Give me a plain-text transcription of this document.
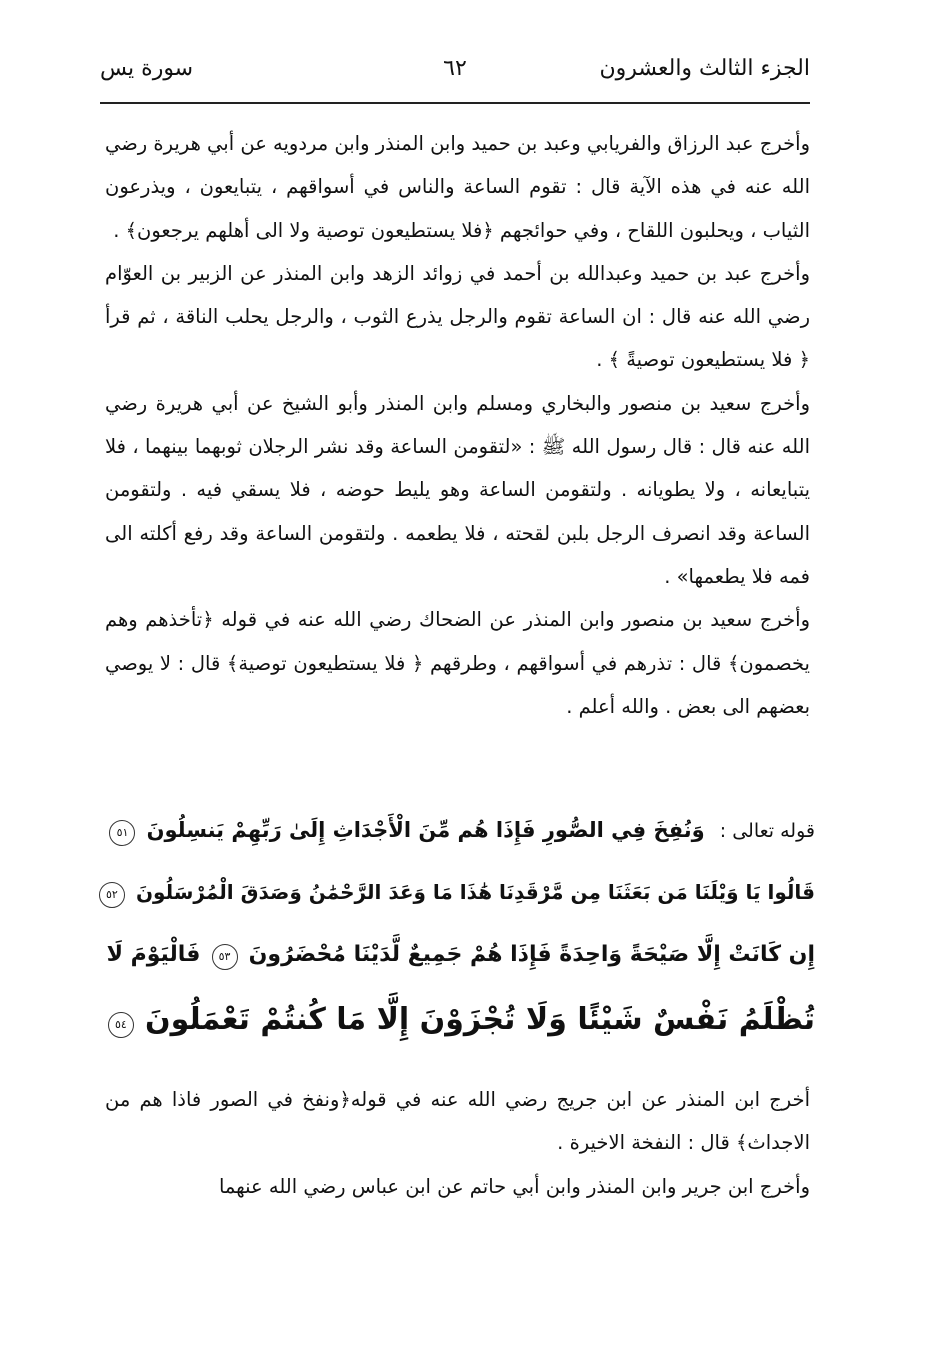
الجزء الثالث والعشرون
٦٢
سورة يس

وأخرج عبد الرزاق والفريابي وعبد بن حميد وابن المنذر وابن مردويه عن أبي هريرة رضي الله عنه في هذه الآية قال : تقوم الساعة والناس في أسواقهم ، يتبايعون ، ويذرعون الثياب ، ويحلبون اللقاح ، وفي حوائجهم ﴿فلا يستطيعون توصية ولا الى أهلهم يرجعون﴾ .

وأخرج عبد بن حميد وعبدالله بن أحمد في زوائد الزهد وابن المنذر عن الزبير بن العوّام رضي الله عنه قال : ان الساعة تقوم والرجل يذرع الثوب ، والرجل يحلب الناقة ، ثم قرأ ﴿ فلا يستطيعون توصيةً ﴾ .

وأخرج سعيد بن منصور والبخاري ومسلم وابن المنذر وأبو الشيخ عن أبي هريرة رضي الله عنه قال : قال رسول الله ﷺ : «لتقومن الساعة وقد نشر الرجلان ثوبهما بينهما ، فلا يتبايعانه ، ولا يطويانه . ولتقومن الساعة وهو يليط حوضه ، فلا يسقي فيه . ولتقومن الساعة وقد انصرف الرجل بلبن لقحته ، فلا يطعمه . ولتقومن الساعة وقد رفع أكلته الى فمه فلا يطعمها» .

وأخرج سعيد بن منصور وابن المنذر عن الضحاك رضي الله عنه في قوله ﴿تأخذهم وهم يخصمون﴾ قال : تذرهم في أسواقهم ، وطرقهم ﴿ فلا يستطيعون توصية﴾ قال : لا يوصي بعضهم الى بعض . والله أعلم .

قوله تعالى : وَنُفِخَ فِي الصُّورِ فَإِذَا هُم مِّنَ الْأَجْدَاثِ إِلَىٰ رَبِّهِمْ يَنسِلُونَ ٥١
قَالُوا يَا وَيْلَنَا مَن بَعَثَنَا مِن مَّرْقَدِنَا هَٰذَا مَا وَعَدَ الرَّحْمَٰنُ وَصَدَقَ الْمُرْسَلُونَ ٥٢
إِن كَانَتْ إِلَّا صَيْحَةً وَاحِدَةً فَإِذَا هُمْ جَمِيعٌ لَّدَيْنَا مُحْضَرُونَ ٥٣ فَالْيَوْمَ لَا
تُظْلَمُ نَفْسٌ شَيْئًا وَلَا تُجْزَوْنَ إِلَّا مَا كُنتُمْ تَعْمَلُونَ ٥٤

أخرج ابن المنذر عن ابن جريج رضي الله عنه في قوله﴿ونفخ في الصور فاذا هم من الاجداث﴾ قال : النفخة الاخيرة .

وأخرج ابن جرير وابن المنذر وابن أبي حاتم عن ابن عباس رضي الله عنهما
